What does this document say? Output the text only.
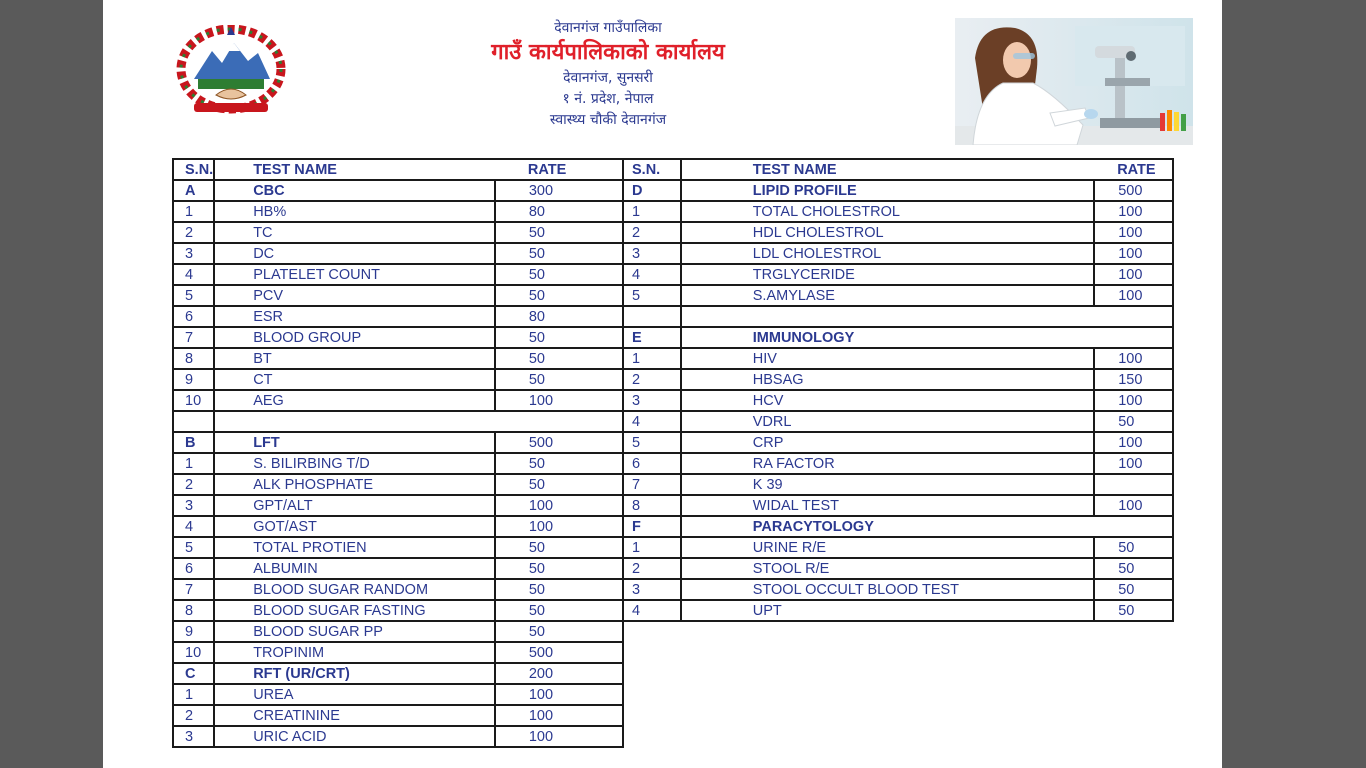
देवानगंज गाउँपालिका
गाउँ कार्यपालिकाको कार्यालय
देवानगंज, सुनसरी
१ नं. प्रदेश, नेपाल
स्वास्थ्य चौकी देवानगंज
S.N.	TEST NAME	RATE
A	CBC	300
1	HB%	80
2	TC	50
3	DC	50
4	PLATELET COUNT	50
5	PCV	50
6	ESR	80
7	BLOOD GROUP	50
8	BT	50
9	CT	50
10	AEG	100

B	LFT	500
1	S. BILIRBING T/D	50
2	ALK PHOSPHATE	50
3	GPT/ALT	100
4	GOT/AST	100
5	TOTAL PROTIEN	50
6	ALBUMIN	50
7	BLOOD SUGAR RANDOM	50
8	BLOOD SUGAR FASTING	50
9	BLOOD SUGAR PP	50
10	TROPINIM	500
C	RFT (UR/CRT)	200
1	UREA	100
2	CREATININE	100
3	URIC ACID	100
S.N.	TEST NAME	RATE
D	LIPID PROFILE	500
1	TOTAL CHOLESTROL	100
2	HDL CHOLESTROL	100
3	LDL CHOLESTROL	100
4	TRGLYCERIDE	100
5	S.AMYLASE	100

E	IMMUNOLOGY	
1	HIV	100
2	HBSAG	150
3	HCV	100
4	VDRL	50
5	CRP	100
6	RA FACTOR	100
7	K 39	
8	WIDAL TEST	100
F	PARACYTOLOGY	
1	URINE R/E	50
2	STOOL R/E	50
3	STOOL OCCULT BLOOD TEST	50
4	UPT	50
